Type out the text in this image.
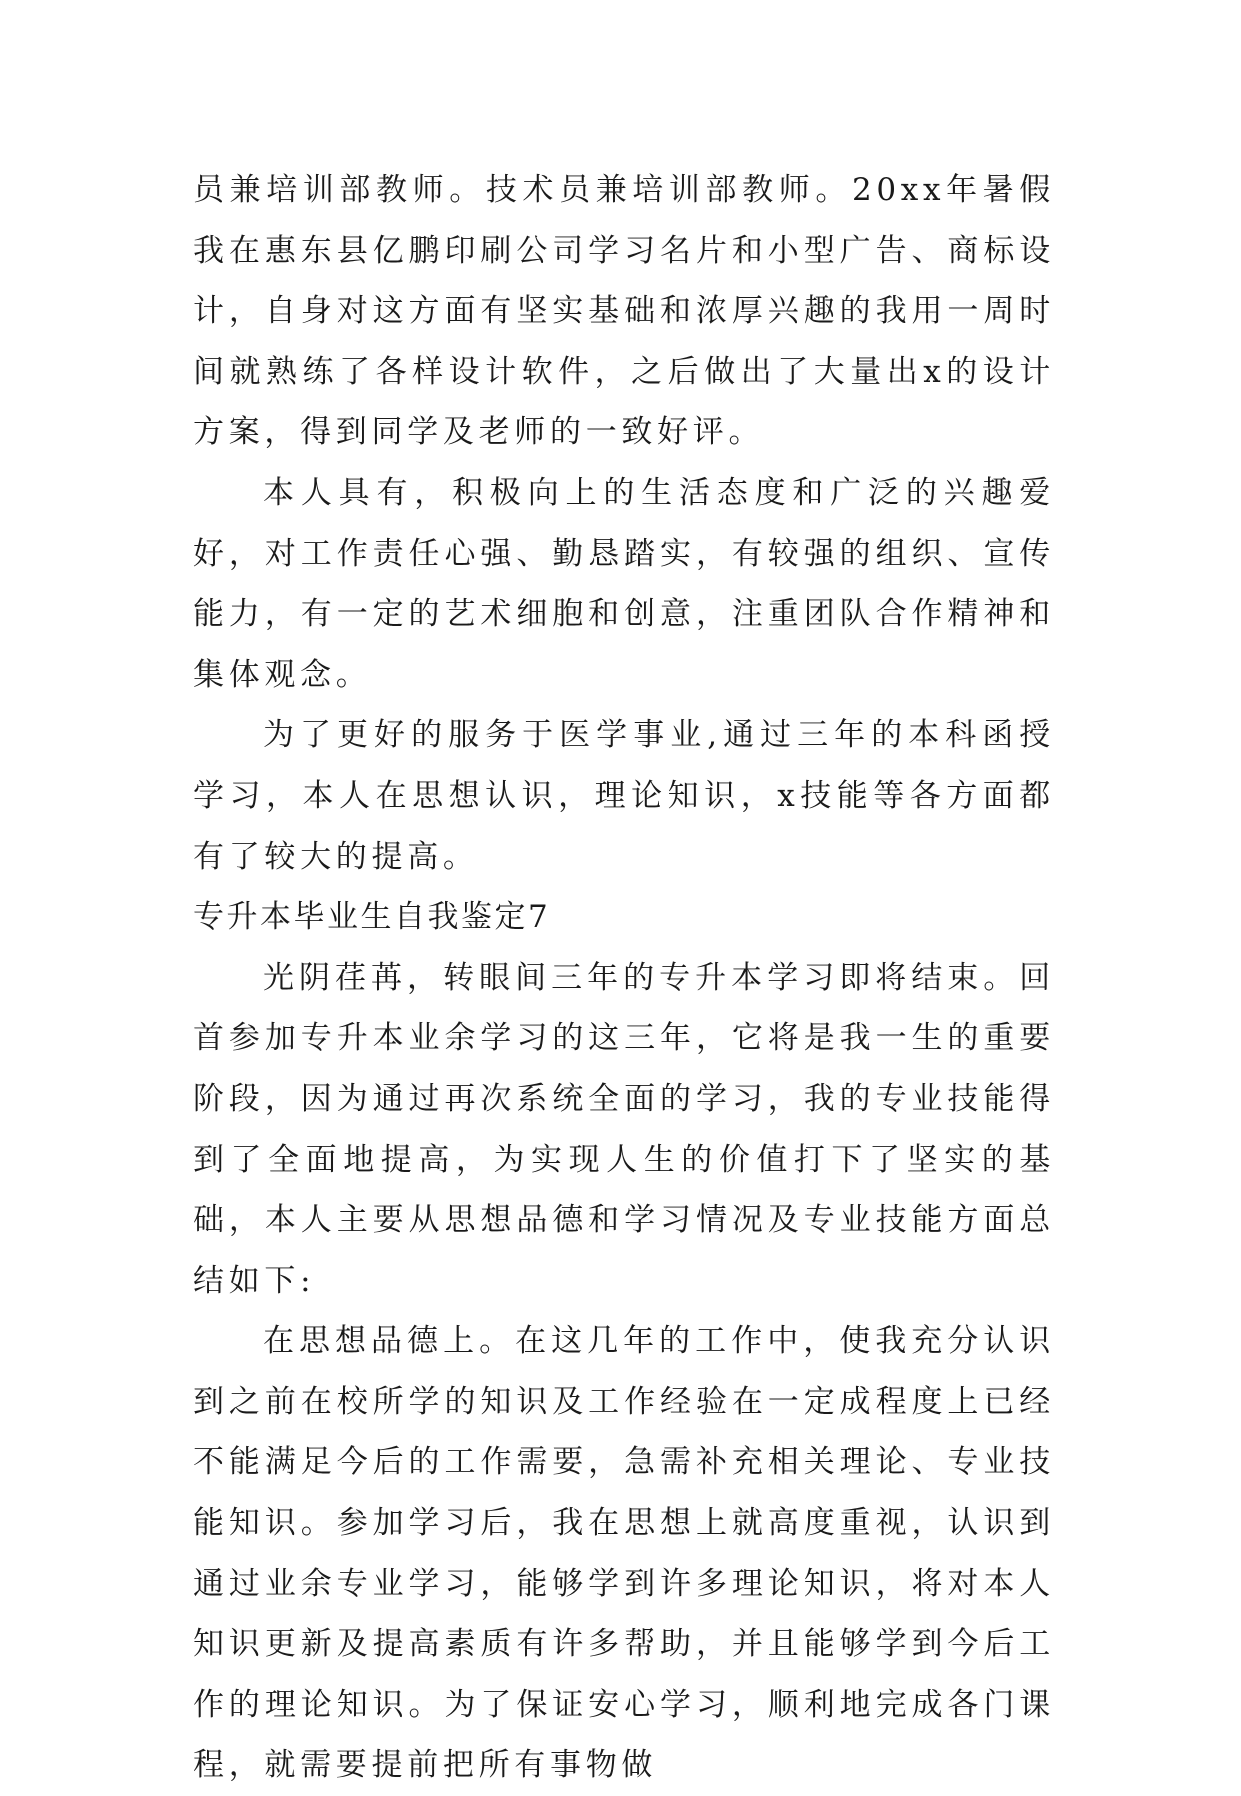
员兼培训部教师。技术员兼培训部教师。20xx年暑假我在惠东县亿鹏印刷公司学习名片和小型广告、商标设计，自身对这方面有坚实基础和浓厚兴趣的我用一周时间就熟练了各样设计软件，之后做出了大量出x的设计方案，得到同学及老师的一致好评。

本人具有，积极向上的生活态度和广泛的兴趣爱好，对工作责任心强、勤恳踏实，有较强的组织、宣传能力，有一定的艺术细胞和创意，注重团队合作精神和集体观念。

为了更好的服务于医学事业,通过三年的本科函授学习，本人在思想认识，理论知识，x技能等各方面都有了较大的提高。

专升本毕业生自我鉴定7

光阴荏苒，转眼间三年的专升本学习即将结束。回首参加专升本业余学习的这三年，它将是我一生的重要阶段，因为通过再次系统全面的学习，我的专业技能得到了全面地提高，为实现人生的价值打下了坚实的基础，本人主要从思想品德和学习情况及专业技能方面总结如下:

在思想品德上。在这几年的工作中，使我充分认识到之前在校所学的知识及工作经验在一定成程度上已经不能满足今后的工作需要，急需补充相关理论、专业技能知识。参加学习后，我在思想上就高度重视，认识到通过业余专业学习，能够学到许多理论知识，将对本人知识更新及提高素质有许多帮助，并且能够学到今后工作的理论知识。为了保证安心学习，顺利地完成各门课程，就需要提前把所有事物做
